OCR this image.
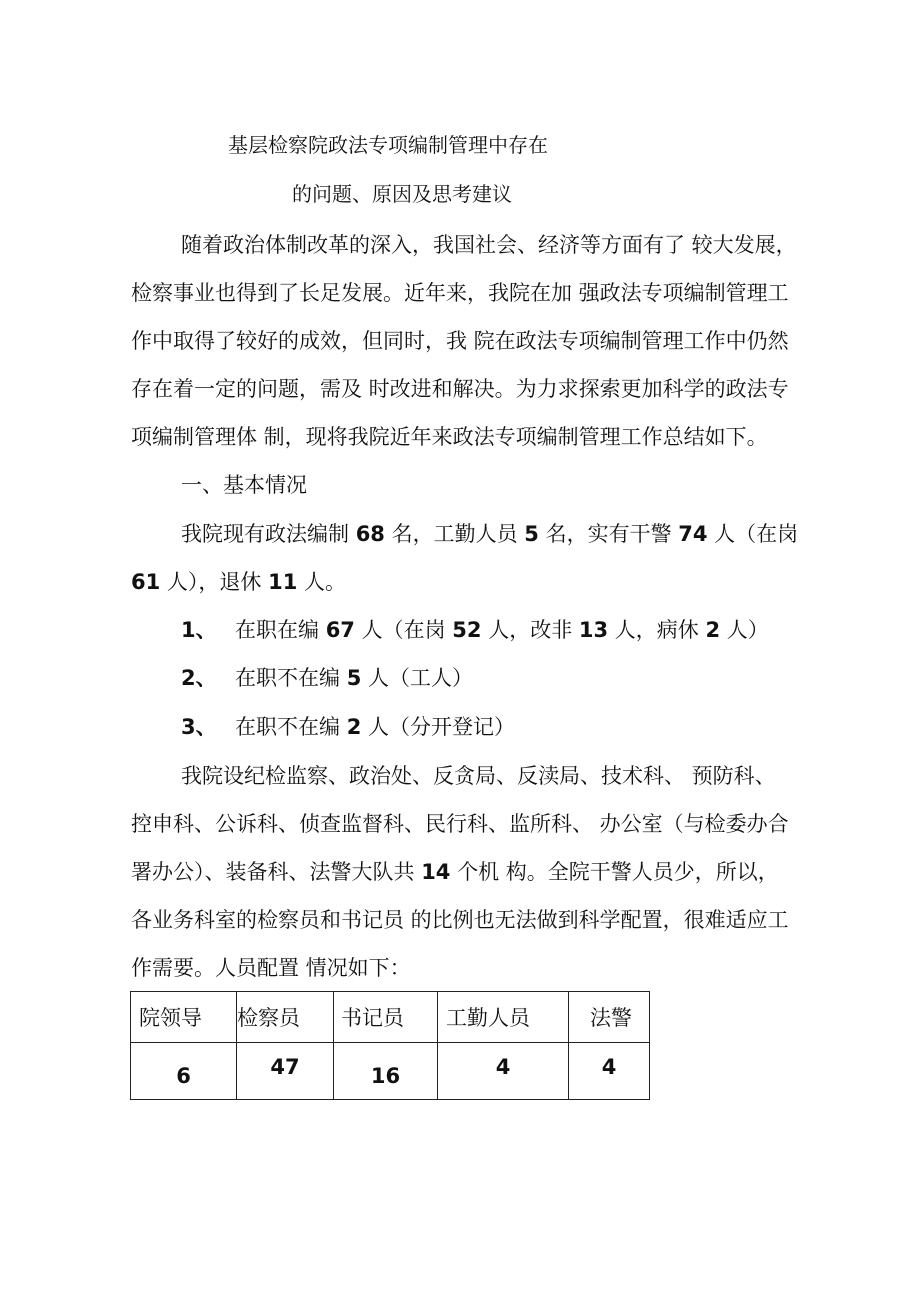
基层检察院政法专项编制管理中存在
的问题、原因及思考建议
随着政治体制改革的深入，我国社会、经济等方面有了 较大发展，
检察事业也得到了长足发展。近年来，我院在加 强政法专项编制管理工
作中取得了较好的成效，但同时，我 院在政法专项编制管理工作中仍然
存在着一定的问题，需及 时改进和解决。为力求探索更加科学的政法专
项编制管理体 制，现将我院近年来政法专项编制管理工作总结如下。
一、基本情况
我院现有政法编制 68 名，工勤人员 5 名，实有干警 74 人（在岗
61 人），退休 11 人。
1、 在职在编 67 人（在岗 52 人，改非 13 人，病休 2 人）
2、 在职不在编 5 人（工人）
3、 在职不在编 2 人（分开登记）
我院设纪检监察、政治处、反贪局、反渎局、技术科、 预防科、
控申科、公诉科、侦查监督科、民行科、监所科、 办公室（与检委办合
署办公）、装备科、法警大队共 14 个机 构。全院干警人员少，所以，
各业务科室的检察员和书记员 的比例也无法做到科学配置，很难适应工
作需要。人员配置 情况如下：
院领导	检察员	书记员	工勤人员	法警
6	47	16	4	4
